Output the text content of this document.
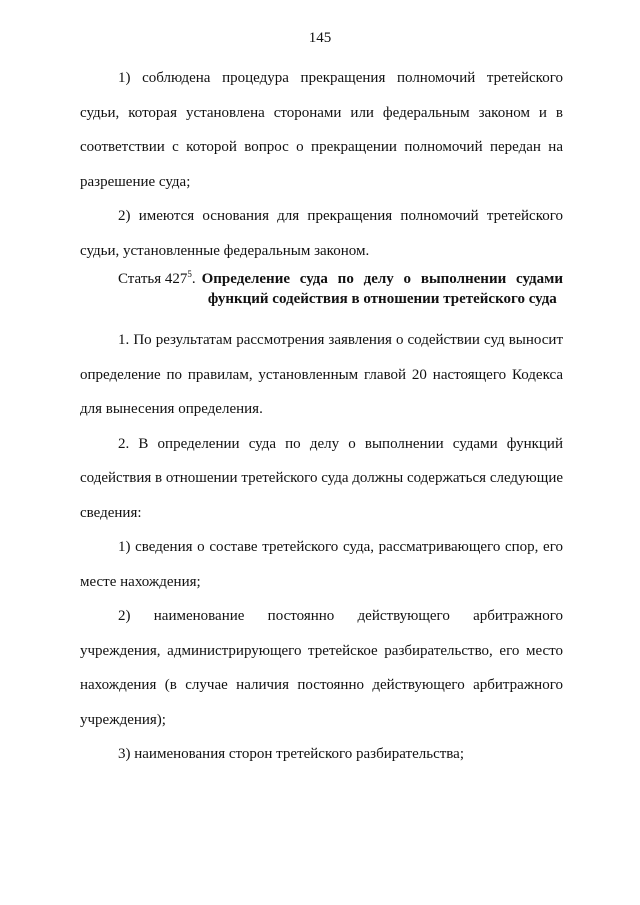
145

1) соблюдена процедура прекращения полномочий третейского судьи, которая установлена сторонами или федеральным законом и в соответствии с которой вопрос о прекращении полномочий передан на разрешение суда;

2) имеются основания для прекращения полномочий третейского судьи, установленные федеральным законом.

Статья $427^5$. Определение суда по делу о выполнении судами функций содействия в отношении третейского суда

1. По результатам рассмотрения заявления о содействии суд выносит определение по правилам, установленным главой 20 настоящего Кодекса для вынесения определения.

2. В определении суда по делу о выполнении судами функций содействия в отношении третейского суда должны содержаться следующие сведения:

1) сведения о составе третейского суда, рассматривающего спор, его месте нахождения;

2) наименование постоянно действующего арбитражного учреждения, администрирующего третейское разбирательство, его место нахождения (в случае наличия постоянно действующего арбитражного учреждения);

3) наименования сторон третейского разбирательства;
